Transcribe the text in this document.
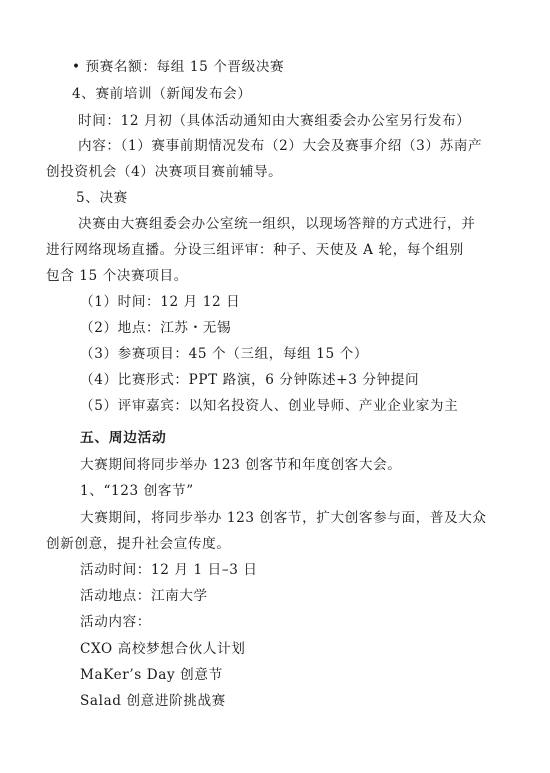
• 预赛名额：每组 15 个晋级决赛
4、赛前培训（新闻发布会）
时间：12 月初（具体活动通知由大赛组委会办公室另行发布）
内容：（1）赛事前期情况发布（2）大会及赛事介绍（3）苏南产
创投资机会（4）决赛项目赛前辅导。
5、决赛
决赛由大赛组委会办公室统一组织，以现场答辩的方式进行，并
进行网络现场直播。分设三组评审：种子、天使及 A 轮，每个组别
包含 15 个决赛项目。
（1）时间：12 月 12 日
（2）地点：江苏・无锡
（3）参赛项目：45 个（三组，每组 15 个）
（4）比赛形式：PPT 路演，6 分钟陈述+3 分钟提问
（5）评审嘉宾：以知名投资人、创业导师、产业企业家为主
五、周边活动
大赛期间将同步举办 123 创客节和年度创客大会。
1、“123 创客节”
大赛期间，将同步举办 123 创客节，扩大创客参与面，普及大众
创新创意，提升社会宣传度。
活动时间：12 月 1 日–3 日
活动地点：江南大学
活动内容：
CXO 高校梦想合伙人计划
MaKer’s Day 创意节
Salad 创意进阶挑战赛
